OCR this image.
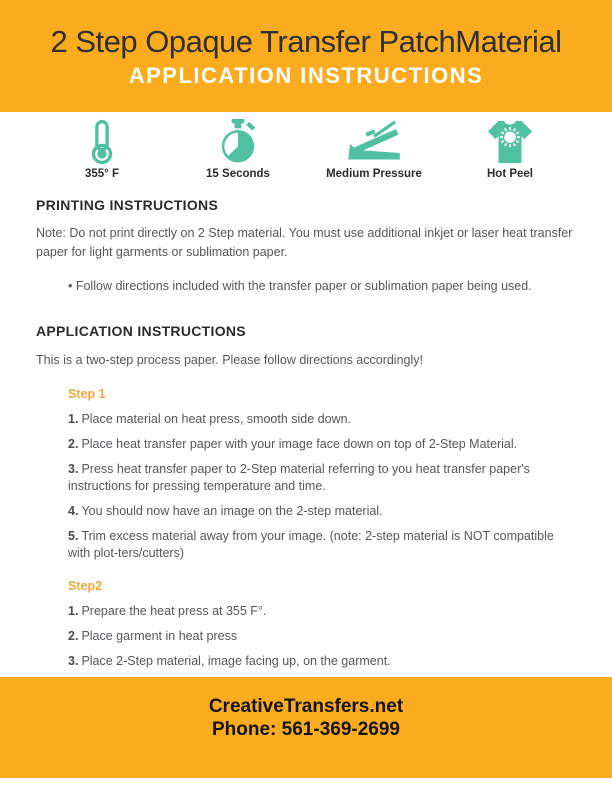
2 Step Opaque Transfer PatchMaterial
APPLICATION INSTRUCTIONS
355° F	15 Seconds	Medium Pressure	Hot Peel
PRINTING INSTRUCTIONS

Note: Do not print directly on 2 Step material. You must use additional inkjet or laser heat transfer paper for light garments or sublimation paper.

• Follow directions included with the transfer paper or sublimation paper being used.

APPLICATION INSTRUCTIONS

This is a two-step process paper. Please follow directions accordingly!

Step 1

1. Place material on heat press, smooth side down.

2. Place heat transfer paper with your image face down on top of 2-Step Material.

3. Press heat transfer paper to 2-Step material referring to you heat transfer paper's instructions for pressing temperature and time.

4. You should now have an image on the 2-step material.

5. Trim excess material away from your image. (note: 2-step material is NOT compatible with plot-ters/cutters)

Step2

1. Prepare the heat press at 355 F°.

2. Place garment in heat press

3. Place 2-Step material, image facing up, on the garment.

CreativeTransfers.net
Phone: 561-369-2699
